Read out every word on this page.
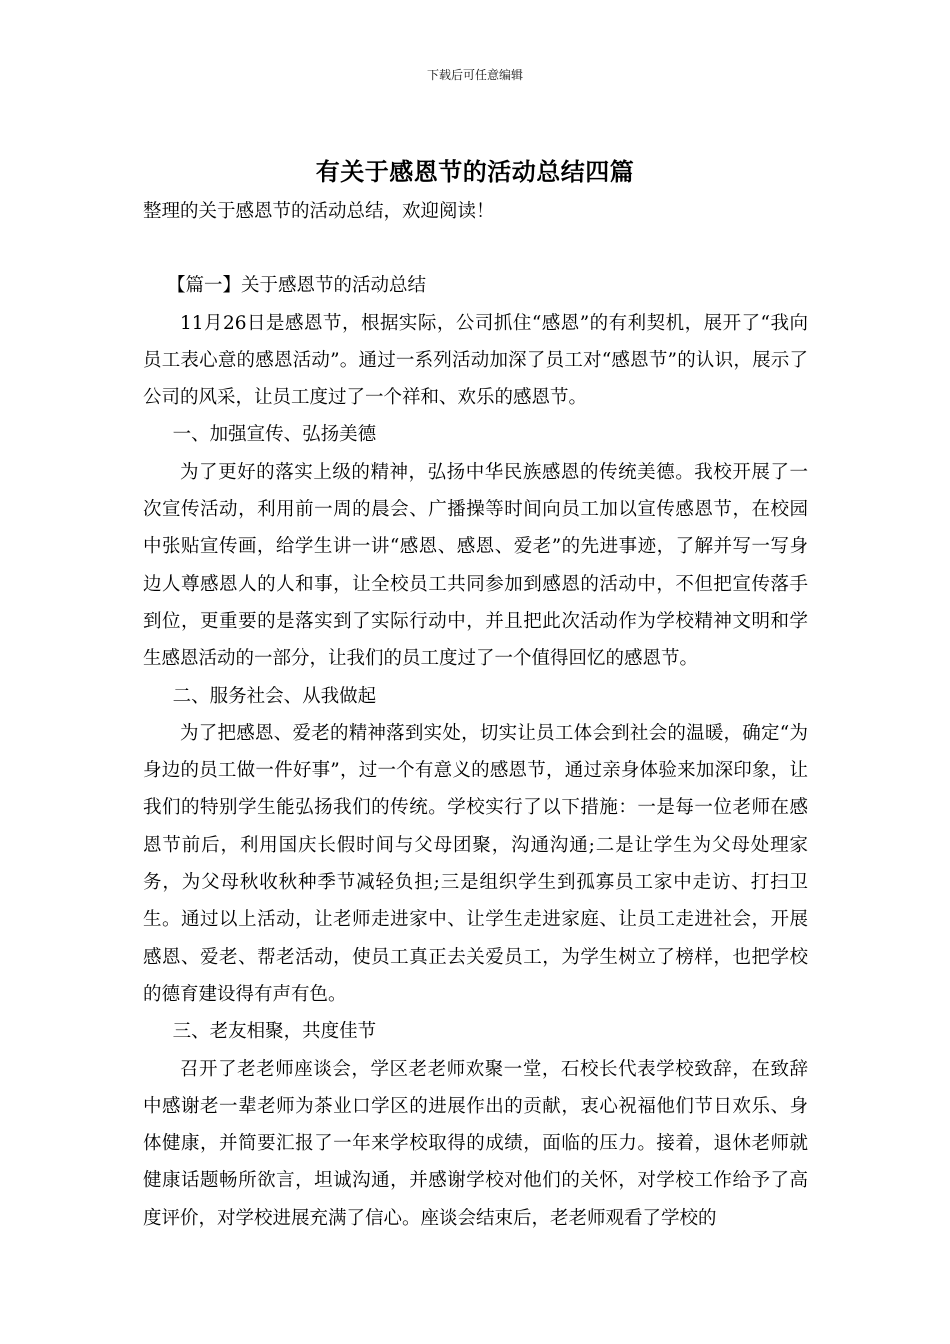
下载后可任意编辑
有关于感恩节的活动总结四篇

整理的关于感恩节的活动总结，欢迎阅读！

【篇一】关于感恩节的活动总结

11月26日是感恩节，根据实际，公司抓住“感恩”的有利契机，展开了“我向员工表心意的感恩活动”。通过一系列活动加深了员工对“感恩节”的认识，展示了公司的风采，让员工度过了一个祥和、欢乐的感恩节。

一、加强宣传、弘扬美德

为了更好的落实上级的精神，弘扬中华民族感恩的传统美德。我校开展了一次宣传活动，利用前一周的晨会、广播操等时间向员工加以宣传感恩节，在校园中张贴宣传画，给学生讲一讲“感恩、感恩、爱老”的先进事迹，了解并写一写身边人尊感恩人的人和事，让全校员工共同参加到感恩的活动中，不但把宣传落手到位，更重要的是落实到了实际行动中，并且把此次活动作为学校精神文明和学生感恩活动的一部分，让我们的员工度过了一个值得回忆的感恩节。

二、服务社会、从我做起

为了把感恩、爱老的精神落到实处，切实让员工体会到社会的温暖，确定“为身边的员工做一件好事”，过一个有意义的感恩节，通过亲身体验来加深印象，让我们的特别学生能弘扬我们的传统。学校实行了以下措施：一是每一位老师在感恩节前后，利用国庆长假时间与父母团聚，沟通沟通;二是让学生为父母处理家务，为父母秋收秋种季节减轻负担;三是组织学生到孤寡员工家中走访、打扫卫生。通过以上活动，让老师走进家中、让学生走进家庭、让员工走进社会，开展感恩、爱老、帮老活动，使员工真正去关爱员工，为学生树立了榜样，也把学校的德育建设得有声有色。

三、老友相聚，共度佳节

召开了老老师座谈会，学区老老师欢聚一堂，石校长代表学校致辞，在致辞中感谢老一辈老师为茶业口学区的进展作出的贡献，衷心祝福他们节日欢乐、身体健康，并简要汇报了一年来学校取得的成绩，面临的压力。接着，退休老师就健康话题畅所欲言，坦诚沟通，并感谢学校对他们的关怀，对学校工作给予了高度评价，对学校进展充满了信心。座谈会结束后，老老师观看了学校的
